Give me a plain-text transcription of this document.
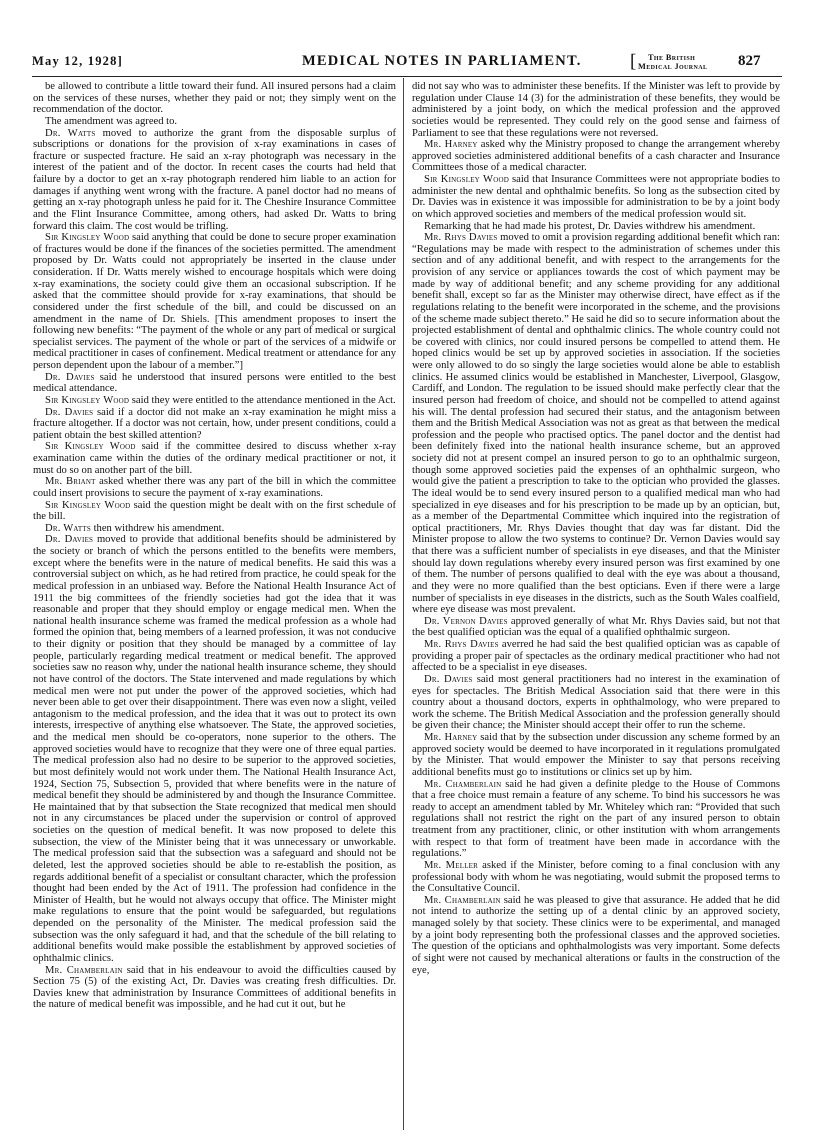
May 12, 1928]	MEDICAL NOTES IN PARLIAMENT.	[ The British
Medical Journal 827

be allowed to contribute a little toward their fund. All insured persons had a claim on the services of these nurses, whether they paid or not; they simply went on the recommendation of the doctor.

The amendment was agreed to.

Dr. Watts moved to authorize the grant from the disposable surplus of subscriptions or donations for the provision of x-ray examinations in cases of fracture or suspected fracture. He said an x-ray photograph was necessary in the interest of the patient and of the doctor. In recent cases the courts had held that failure by a doctor to get an x-ray photograph rendered him liable to an action for damages if anything went wrong with the fracture. A panel doctor had no means of getting an x-ray photograph unless he paid for it. The Cheshire Insurance Committee and the Flint Insurance Committee, among others, had asked Dr. Watts to bring forward this claim. The cost would be trifling.

Sir Kingsley Wood said anything that could be done to secure proper examination of fractures would be done if the finances of the societies permitted. The amendment proposed by Dr. Watts could not appropriately be inserted in the clause under consideration. If Dr. Watts merely wished to encourage hospitals which were doing x-ray examinations, the society could give them an occasional subscription. If he asked that the committee should provide for x-ray examinations, that should be considered under the first schedule of the bill, and could be discussed on an amendment in the name of Dr. Shiels. [This amendment proposes to insert the following new benefits: “The payment of the whole or any part of medical or surgical specialist services. The payment of the whole or part of the services of a midwife or medical practitioner in cases of confinement. Medical treatment or attendance for any person dependent upon the labour of a member.”]

Dr. Davies said he understood that insured persons were entitled to the best medical attendance.

Sir Kingsley Wood said they were entitled to the attendance mentioned in the Act.

Dr. Davies said if a doctor did not make an x-ray examination he might miss a fracture altogether. If a doctor was not certain, how, under present conditions, could a patient obtain the best skilled attention?

Sir Kingsley Wood said if the committee desired to discuss whether x-ray examination came within the duties of the ordinary medical practitioner or not, it must do so on another part of the bill.

Mr. Briant asked whether there was any part of the bill in which the committee could insert provisions to secure the payment of x-ray examinations.

Sir Kingsley Wood said the question might be dealt with on the first schedule of the bill.

Dr. Watts then withdrew his amendment.

Dr. Davies moved to provide that additional benefits should be administered by the society or branch of which the persons entitled to the benefits were members, except where the benefits were in the nature of medical benefits. He said this was a controversial subject on which, as he had retired from practice, he could speak for the medical profession in an unbiased way. Before the National Health Insurance Act of 1911 the big committees of the friendly societies had got the idea that it was reasonable and proper that they should employ or engage medical men. When the national health insurance scheme was framed the medical profession as a whole had formed the opinion that, being members of a learned profession, it was not conducive to their dignity or position that they should be managed by a committee of lay people, particularly regarding medical treatment or medical benefit. The approved societies saw no reason why, under the national health insurance scheme, they should not have control of the doctors. The State intervened and made regulations by which medical men were not put under the power of the approved societies, which had never been able to get over their disappointment. There was even now a slight, veiled antagonism to the medical profession, and the idea that it was out to protect its own interests, irrespective of anything else whatsoever. The State, the approved societies, and the medical men should be co-operators, none superior to the others. The approved societies would have to recognize that they were one of three equal parties. The medical profession also had no desire to be superior to the approved societies, but most definitely would not work under them. The National Health Insurance Act, 1924, Section 75, Subsection 5, provided that where benefits were in the nature of medical benefit they should be administered by and though the Insurance Committee. He maintained that by that subsection the State recognized that medical men should not in any circumstances be placed under the supervision or control of approved societies on the question of medical benefit. It was now proposed to delete this subsection, the view of the Minister being that it was unnecessary or unworkable. The medical profession said that the subsection was a safeguard and should not be deleted, lest the approved societies should be able to re-establish the position, as regards additional benefit of a specialist or consultant character, which the profession thought had been ended by the Act of 1911. The profession had confidence in the Minister of Health, but he would not always occupy that office. The Minister might make regulations to ensure that the point would be safeguarded, but regulations depended on the personality of the Minister. The medical profession said the subsection was the only safeguard it had, and that the schedule of the bill relating to additional benefits would make possible the establishment by approved societies of ophthalmic clinics.

Mr. Chamberlain said that in his endeavour to avoid the difficulties caused by Section 75 (5) of the existing Act, Dr. Davies was creating fresh difficulties. Dr. Davies knew that administration by Insurance Committees of additional benefits in the nature of medical benefit was impossible, and he had cut it out, but he

did not say who was to administer these benefits. If the Minister was left to provide by regulation under Clause 14 (3) for the administration of these benefits, they would be administered by a joint body, on which the medical profession and the approved societies would be represented. They could rely on the good sense and fairness of Parliament to see that these regulations were not reversed.

Mr. Harney asked why the Ministry proposed to change the arrangement whereby approved societies administered additional benefits of a cash character and Insurance Committees those of a medical character.

Sir Kingsley Wood said that Insurance Committees were not appropriate bodies to administer the new dental and ophthalmic benefits. So long as the subsection cited by Dr. Davies was in existence it was impossible for administration to be by a joint body on which approved societies and members of the medical profession would sit.

Remarking that he had made his protest, Dr. Davies withdrew his amendment.

Mr. Rhys Davies moved to omit a provision regarding additional benefit which ran: “Regulations may be made with respect to the administration of schemes under this section and of any additional benefit, and with respect to the arrangements for the provision of any service or appliances towards the cost of which payment may be made by way of additional benefit; and any scheme providing for any additional benefit shall, except so far as the Minister may otherwise direct, have effect as if the regulations relating to the benefit were incorporated in the scheme, and the provisions of the scheme made subject thereto.” He said he did so to secure information about the projected establishment of dental and ophthalmic clinics. The whole country could not be covered with clinics, nor could insured persons be compelled to attend them. He hoped clinics would be set up by approved societies in association. If the societies were only allowed to do so singly the large societies would alone be able to establish clinics. He assumed clinics would be established in Manchester, Liverpool, Glasgow, Cardiff, and London. The regulation to be issued should make perfectly clear that the insured person had freedom of choice, and should not be compelled to attend against his will. The dental profession had secured their status, and the antagonism between them and the British Medical Association was not as great as that between the medical profession and the people who practised optics. The panel doctor and the dentist had been definitely fixed into the national health insurance scheme, but an approved society did not at present compel an insured person to go to an ophthalmic surgeon, though some approved societies paid the expenses of an ophthalmic surgeon, who would give the patient a prescription to take to the optician who provided the glasses. The ideal would be to send every insured person to a qualified medical man who had specialized in eye diseases and for his prescription to be made up by an optician, but, as a member of the Departmental Committee which inquired into the registration of optical practitioners, Mr. Rhys Davies thought that day was far distant. Did the Minister propose to allow the two systems to continue? Dr. Vernon Davies would say that there was a sufficient number of specialists in eye diseases, and that the Minister should lay down regulations whereby every insured person was first examined by one of them. The number of persons qualified to deal with the eye was about a thousand, and they were no more qualified than the best opticians. Even if there were a large number of specialists in eye diseases in the districts, such as the South Wales coalfield, where eye disease was most prevalent.

Dr. Vernon Davies approved generally of what Mr. Rhys Davies said, but not that the best qualified optician was the equal of a qualified ophthalmic surgeon.

Mr. Rhys Davies averred he had said the best qualified optician was as capable of providing a proper pair of spectacles as the ordinary medical practitioner who had not affected to be a specialist in eye diseases.

Dr. Davies said most general practitioners had no interest in the examination of eyes for spectacles. The British Medical Association said that there were in this country about a thousand doctors, experts in ophthalmology, who were prepared to work the scheme. The British Medical Association and the profession generally should be given their chance; the Minister should accept their offer to run the scheme.

Mr. Harney said that by the subsection under discussion any scheme formed by an approved society would be deemed to have incorporated in it regulations promulgated by the Minister. That would empower the Minister to say that persons receiving additional benefits must go to institutions or clinics set up by him.

Mr. Chamberlain said he had given a definite pledge to the House of Commons that a free choice must remain a feature of any scheme. To bind his successors he was ready to accept an amendment tabled by Mr. Whiteley which ran: “Provided that such regulations shall not restrict the right on the part of any insured person to obtain treatment from any practitioner, clinic, or other institution with whom arrangements with respect to that form of treatment have been made in accordance with the regulations.”

Mr. Meller asked if the Minister, before coming to a final conclusion with any professional body with whom he was negotiating, would submit the proposed terms to the Consultative Council.

Mr. Chamberlain said he was pleased to give that assurance. He added that he did not intend to authorize the setting up of a dental clinic by an approved society, managed solely by that society. These clinics were to be experimental, and managed by a joint body representing both the professional classes and the approved societies. The question of the opticians and ophthalmologists was very important. Some defects of sight were not caused by mechanical alterations or faults in the construction of the eye,
